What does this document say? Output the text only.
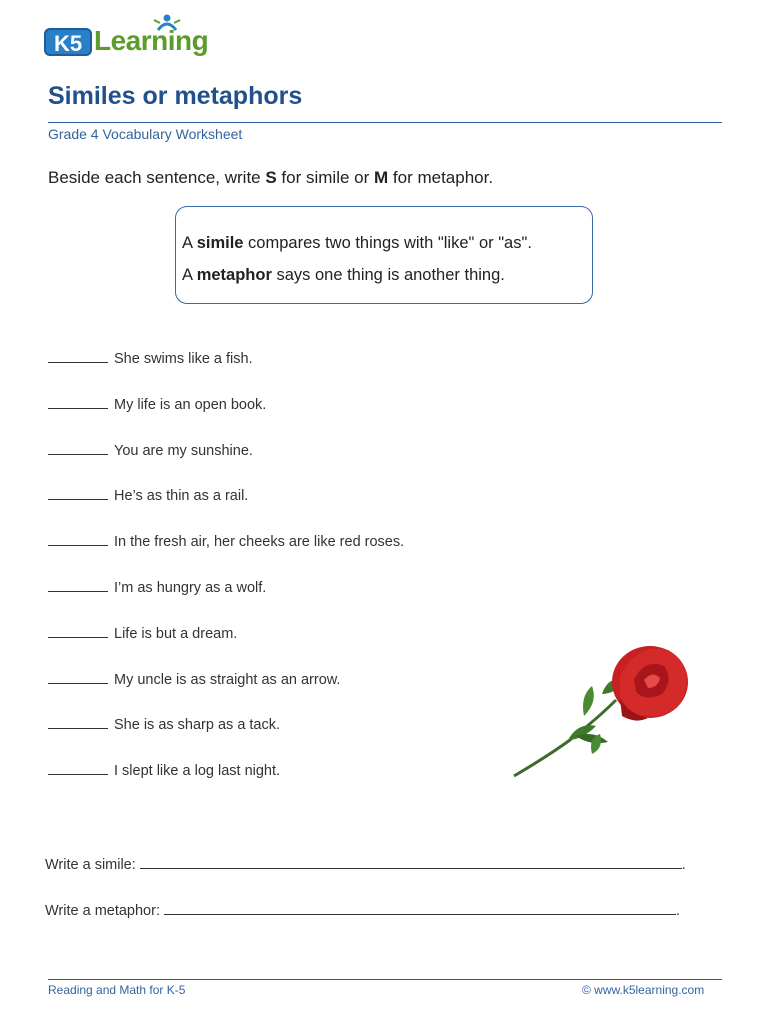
K5 Learning
Similes or metaphors
Grade 4 Vocabulary Worksheet
Beside each sentence, write S for simile or M for metaphor.

A simile compares two things with "like" or "as".

A metaphor says one thing is another thing.

She swims like a fish.
My life is an open book.
You are my sunshine.
He’s as thin as a rail.
In the fresh air, her cheeks are like red roses.
I’m as hungry as a wolf.
Life is but a dream.
My uncle is as straight as an arrow.
She is as sharp as a tack.
I slept like a log last night.
Write a simile:	.
Write a metaphor:	.
Reading and Math for K-5	© www.k5learning.com
